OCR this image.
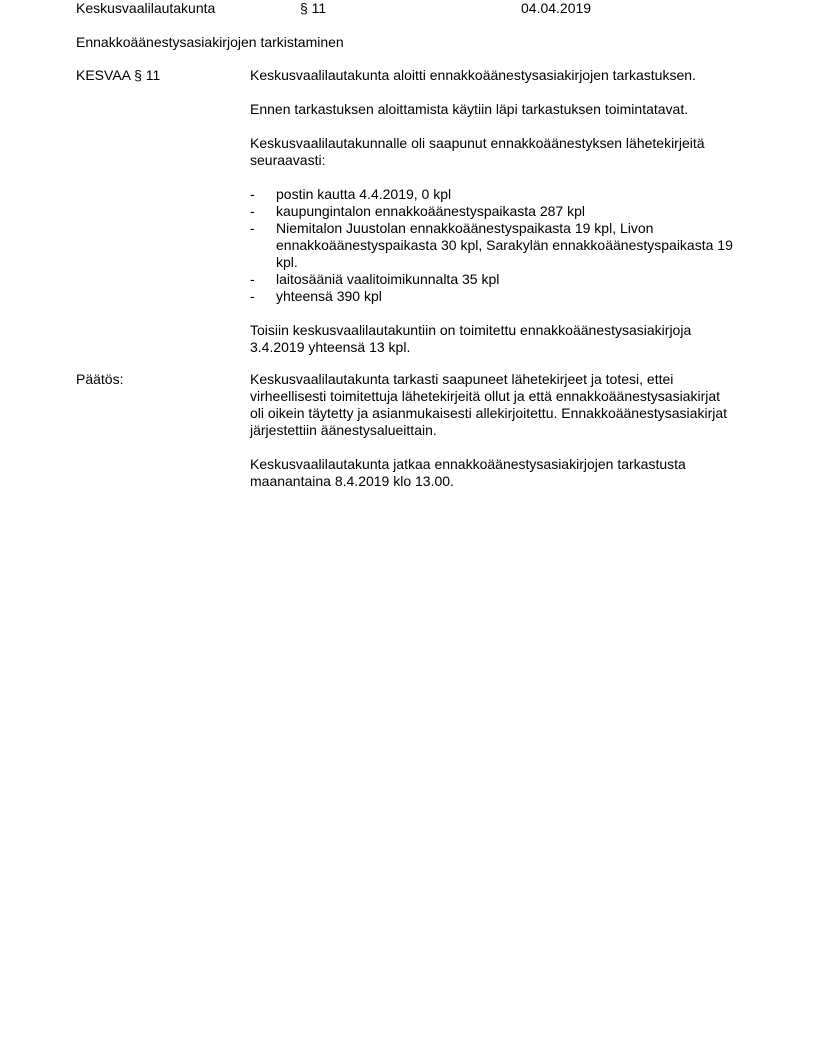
Keskusvaalilautakunta	§ 11	04.04.2019
Ennakkoäänestysasiakirjojen tarkistaminen
KESVAA § 11	Keskusvaalilautakunta aloitti ennakkoäänestysasiakirjojen tarkastuksen.

Ennen tarkastuksen aloittamista käytiin läpi tarkastuksen toimintatavat.

Keskusvaalilautakunnalle oli saapunut ennakkoäänestyksen lähetekirjeitä seuraavasti:

- postin kautta 4.4.2019, 0 kpl
- kaupungintalon ennakkoäänestyspaikasta 287 kpl
- Niemitalon Juustolan ennakkoäänestyspaikasta 19 kpl, Livon ennakkoäänestyspaikasta 30 kpl, Sarakylän ennakkoäänestyspaikasta 19 kpl.
- laitosääniä vaalitoimikunnalta 35 kpl
- yhteensä 390 kpl

Toisiin keskusvaalilautakuntiin on toimitettu ennakkoäänestysasiakirjoja 3.4.2019 yhteensä 13 kpl.

Päätös:	Keskusvaalilautakunta tarkasti saapuneet lähetekirjeet ja totesi, ettei virheellisesti toimitettuja lähetekirjeitä ollut ja että ennakkoäänestysasiakirjat oli oikein täytetty ja asianmukaisesti allekirjoitettu. Ennakkoäänestysasiakirjat järjestettiin äänestysalueittain.

Keskusvaalilautakunta jatkaa ennakkoäänestysasiakirjojen tarkastusta maanantaina 8.4.2019 klo 13.00.
